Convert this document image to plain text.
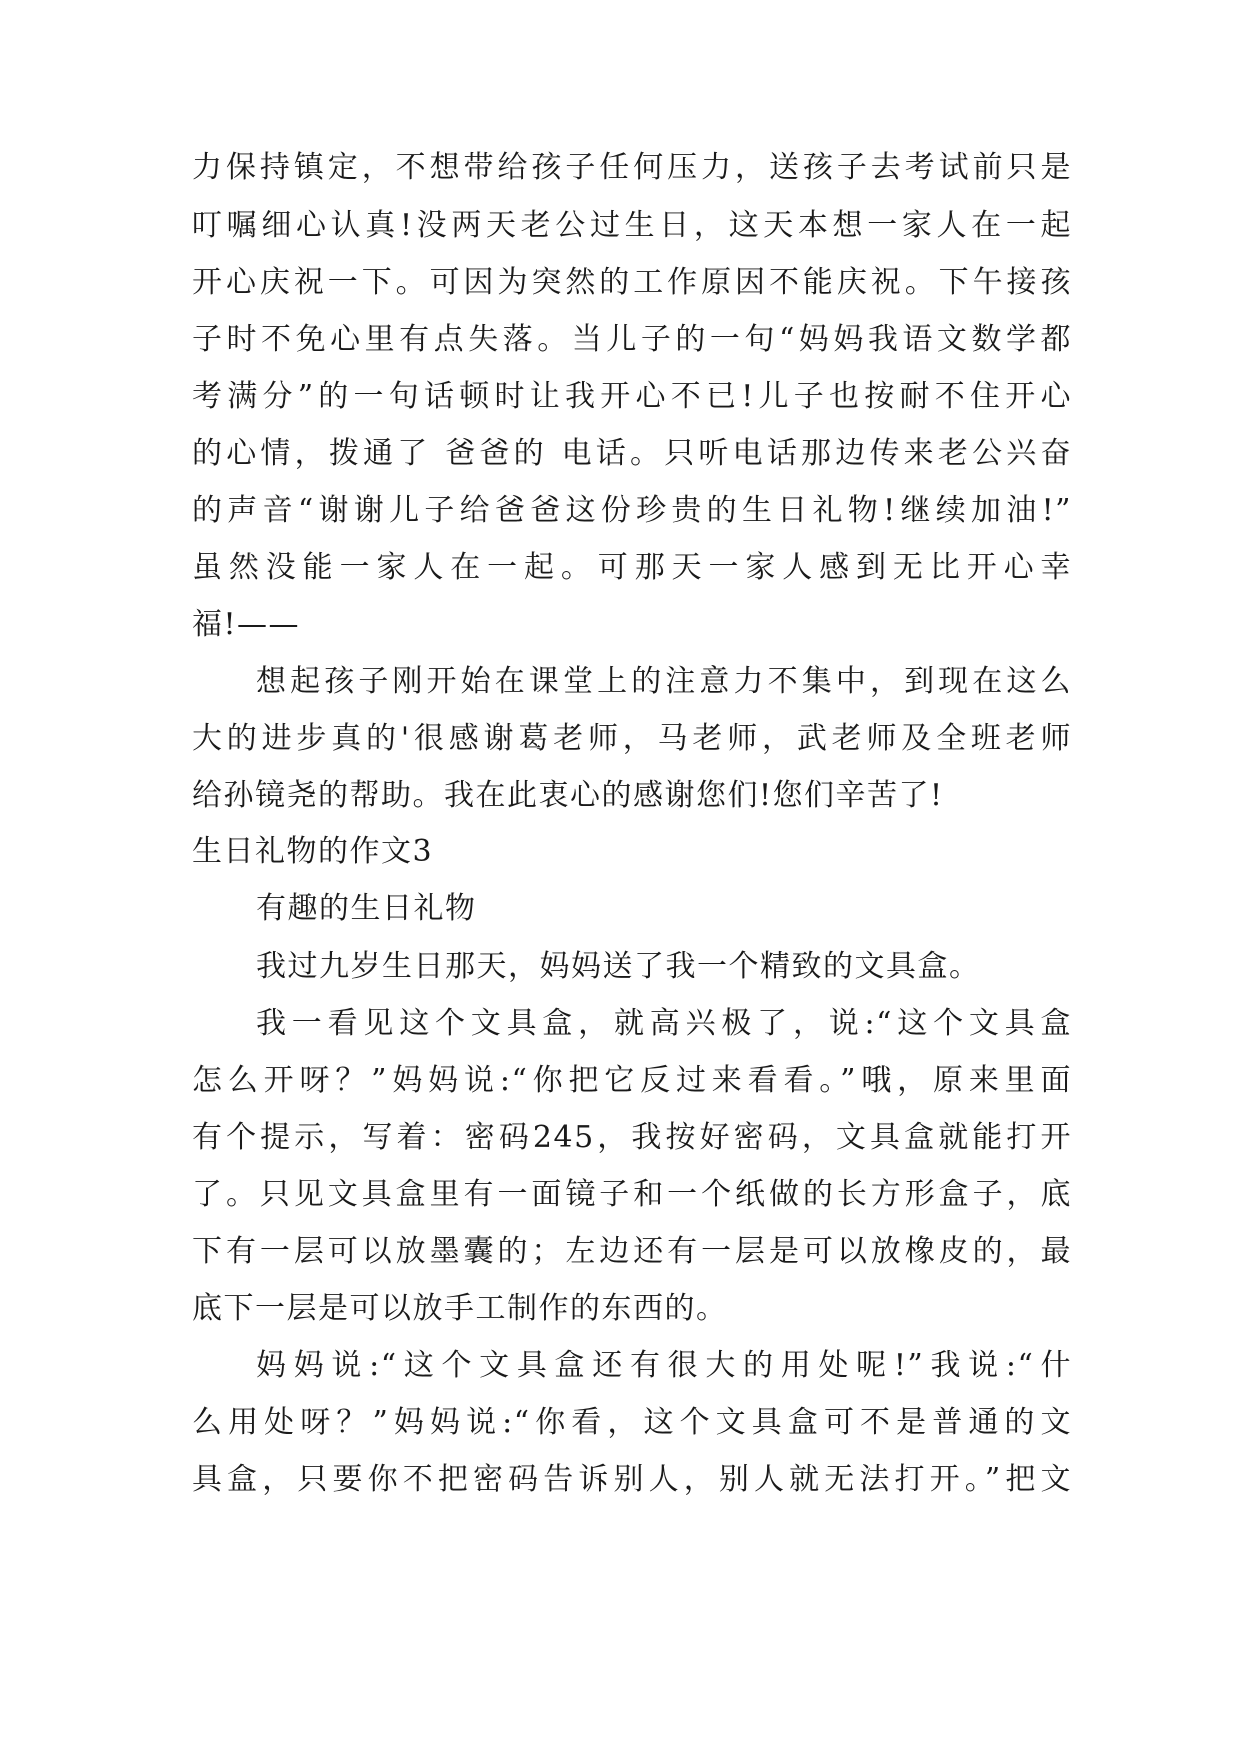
力保持镇定，不想带给孩子任何压力，送孩子去考试前只是
叮嘱细心认真!没两天老公过生日，这天本想一家人在一起
开心庆祝一下。可因为突然的工作原因不能庆祝。下午接孩
子时不免心里有点失落。当儿子的一句“妈妈我语文数学都
考满分”的一句话顿时让我开心不已!儿子也按耐不住开心
的心情，拨通了 爸爸的 电话。只听电话那边传来老公兴奋
的声音“谢谢儿子给爸爸这份珍贵的生日礼物!继续加油!”
虽然没能一家人在一起。可那天一家人感到无比开心幸
福!——
想起孩子刚开始在课堂上的注意力不集中，到现在这么
大的进步真的'很感谢葛老师，马老师，武老师及全班老师
给孙镜尧的帮助。我在此衷心的感谢您们!您们辛苦了!
生日礼物的作文3
有趣的生日礼物
我过九岁生日那天，妈妈送了我一个精致的文具盒。
我一看见这个文具盒，就高兴极了，说:“这个文具盒
怎么开呀？”妈妈说:“你把它反过来看看。”哦，原来里面
有个提示，写着：密码245，我按好密码，文具盒就能打开
了。只见文具盒里有一面镜子和一个纸做的长方形盒子，底
下有一层可以放墨囊的；左边还有一层是可以放橡皮的，最
底下一层是可以放手工制作的东西的。
妈妈说:“这个文具盒还有很大的用处呢!”我说:“什
么用处呀？”妈妈说:“你看，这个文具盒可不是普通的文
具盒，只要你不把密码告诉别人，别人就无法打开。”把文
